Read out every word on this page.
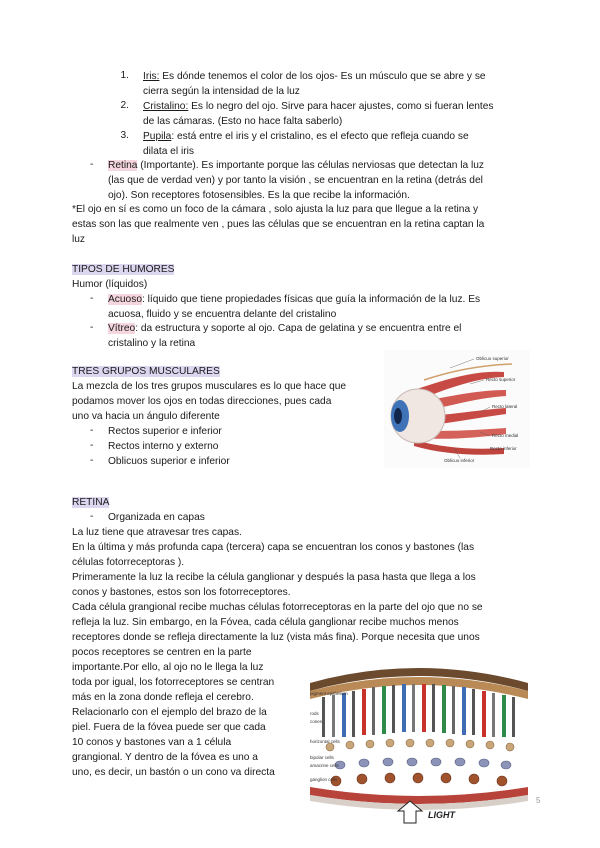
1. Iris: Es dónde tenemos el color de los ojos- Es un músculo que se abre y se
cierra según la intensidad de la luz
2. Cristalino: Es lo negro del ojo. Sirve para hacer ajustes, como si fueran lentes
de las cámaras. (Esto no hace falta saberlo)
3. Pupila: está entre el iris y el cristalino, es el efecto que refleja cuando se
dilata el iris
- Retina (Importante). Es importante porque las células nerviosas que detectan la luz
(las que de verdad ven) y por tanto la visión , se encuentran en la retina (detrás del
ojo). Son receptores fotosensibles. Es la que recibe la información.
*El ojo en sí es como un foco de la cámara , solo ajusta la luz para que llegue a la retina y
estas son las que realmente ven , pues las células que se encuentran en la retina captan la
luz
TIPOS DE HUMORES
Humor (líquidos)
- Acuoso: líquido que tiene propiedades físicas que guía la información de la luz. Es
acuosa, fluido y se encuentra delante del cristalino
- Vítreo: da estructura y soporte al ojo. Capa de gelatina y se encuentra entre el
cristalino y la retina
TRES GRUPOS MUSCULARES
La mezcla de los tres grupos musculares es lo que hace que
podamos mover los ojos en todas direcciones, pues cada
uno va hacia un ángulo diferente
- Rectos superior e inferior
- Rectos interno y externo
- Oblicuos superior e inferior
Oblicuo superior
Recto superior
Recto lateral
Recto medial
Recto inferior
Oblicuo inferior
RETINA
- Organizada en capas
La luz tiene que atravesar tres capas.
En la última y más profunda capa (tercera) capa se encuentran los conos y bastones (las
células fotorreceptoras ).
Primeramente la luz la recibe la célula ganglionar y después la pasa hasta que llega a los
conos y bastones, estos son los fotorreceptores.
Cada célula grangional recibe muchas células fotorreceptoras en la parte del ojo que no se
refleja la luz. Sin embargo, en la Fóvea, cada célula ganglionar recibe muchos menos
receptores donde se refleja directamente la luz (vista más fina). Porque necesita que unos
pocos receptores se centren en la parte
importante.Por ello, al ojo no le llega la luz
toda por igual, los fotorreceptores se centran
más en la zona donde refleja el cerebro.
Relacionarlo con el ejemplo del brazo de la
piel. Fuera de la fóvea puede ser que cada
10 conos y bastones van a 1 célula
grangional. Y dentro de la fóvea es uno a
uno, es decir, un bastón o un cono va directa
pigment epithelium
rods
cones
horizontal cells
bipolar cells
amacrine cells
ganglion cells
LIGHT
5
